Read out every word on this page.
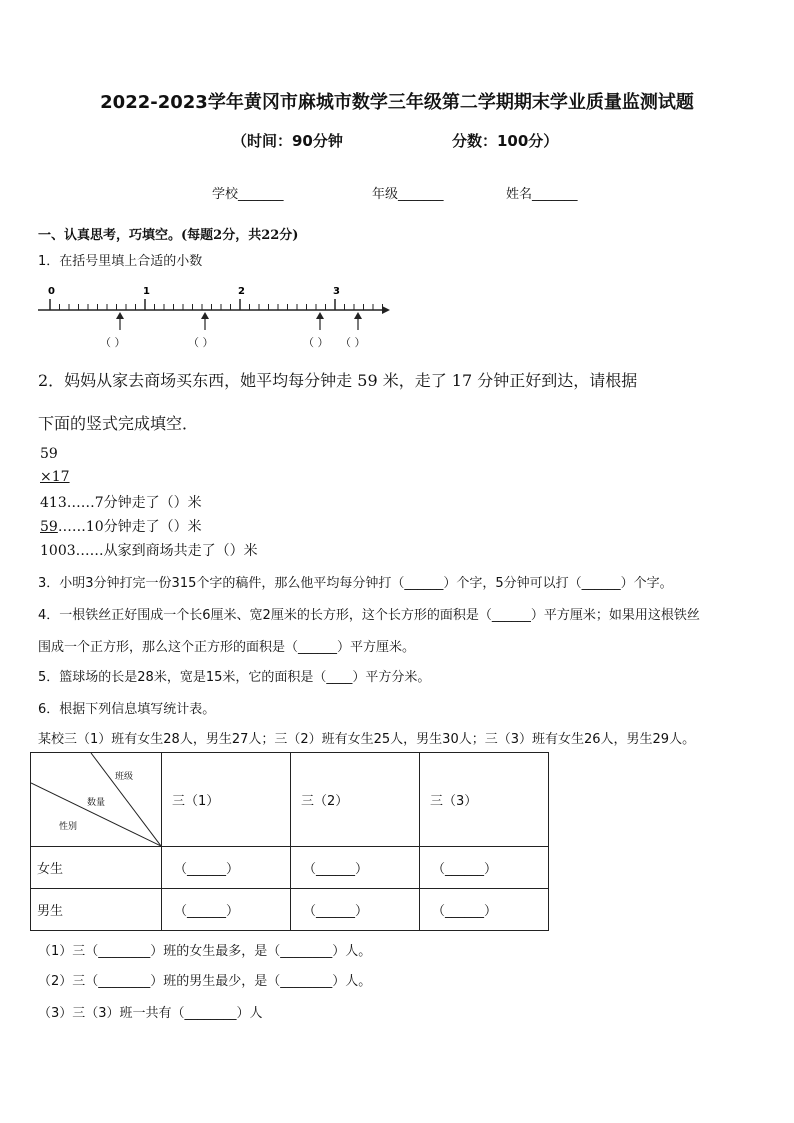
2022-2023学年黄冈市麻城市数学三年级第二学期期末学业质量监测试题
（时间：90分钟	分数：100分）
学校_______	年级_______	姓名_______
一、认真思考，巧填空。(每题2分，共22分)
1．在括号里填上合适的小数
0	1	2	3
（ ）	（ ）	（ ） （ ）
2．妈妈从家去商场买东西，她平均每分钟走 59 米，走了 17 分钟正好到达，请根据
下面的竖式完成填空．
59
×17
413……7分钟走了（）米
59……10分钟走了（）米
1003……从家到商场共走了（）米
3．小明3分钟打完一份315个字的稿件，那么他平均每分钟打（______）个字，5分钟可以打（______）个字。
4．一根铁丝正好围成一个长6厘米、宽2厘米的长方形，这个长方形的面积是（______）平方厘米；如果用这根铁丝
围成一个正方形，那么这个正方形的面积是（______）平方厘米。
5．篮球场的长是28米，宽是15米，它的面积是（____）平方分米。
6．根据下列信息填写统计表。
某校三（1）班有女生28人，男生27人；三（2）班有女生25人，男生30人；三（3）班有女生26人，男生29人。
班级
数量
性别	三（1）	三（2）	三（3）
女生	（______）	（______）	（______）
男生	（______）	（______）	（______）
（1）三（________）班的女生最多，是（________）人。
（2）三（________）班的男生最少，是（________）人。
（3）三（3）班一共有（________）人
